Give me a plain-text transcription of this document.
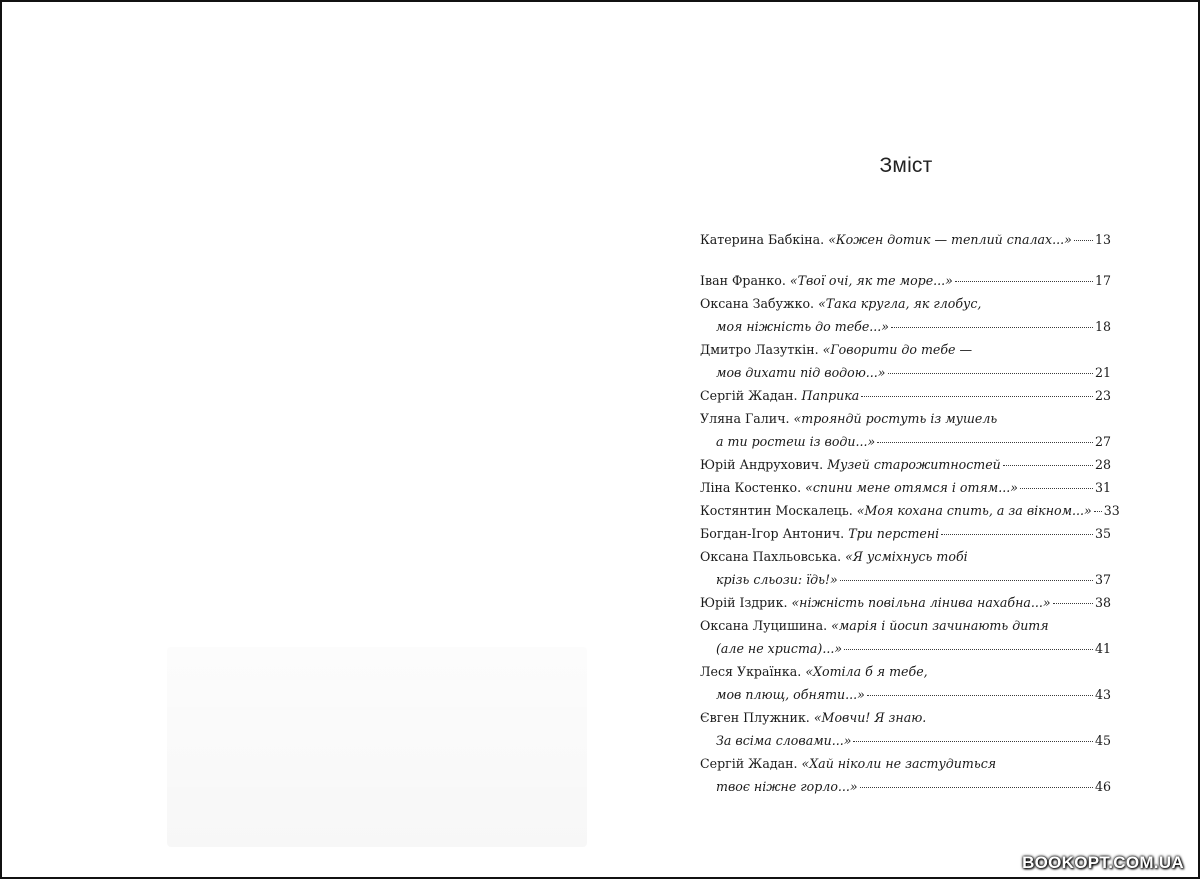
Зміст
Катерина Бабкіна.
«Кожен дотик — теплий спалах...» 13
Іван Франко.
«Твої очі, як те море...»	17
Оксана Забужко.
«Така кругла, як глобус,
моя ніжність до тебе...»	18
Дмитро Лазуткін.
«Говорити до тебе —
мов дихати під водою...»	21
Сергій Жадан.
Паприка	23
Уляна Галич.
«трояндй ростуть із мушель
а ти ростеш із води...»	27
Юрій Андрухович.
Музей старожитностей	28
Ліна Костенко.
«спини мене отямся і отям...»	31
Костянтин Москалець.
«Моя кохана спить, а за вікном...» 33
Богдан-Ігор Антонич.
Три перстені	35
Оксана Пахльовська.
«Я усміхнусь тобі
крізь сльози: їдь!»	37
Юрій Іздрик.
«ніжність повільна лінива нахабна...»	38
Оксана Луцишина.
«марія і йосип зачинають дитя
(але не христа)...»	41
Леся Українка.
«Хотіла б я тебе,
мов плющ, обняти...»	43
Євген Плужник.
«Мовчи! Я знаю.
За всіма словами...»	45
Сергій Жадан.
«Хай ніколи не застудиться
твоє ніжне горло...»	46
BOOKOPT.COM.UA
